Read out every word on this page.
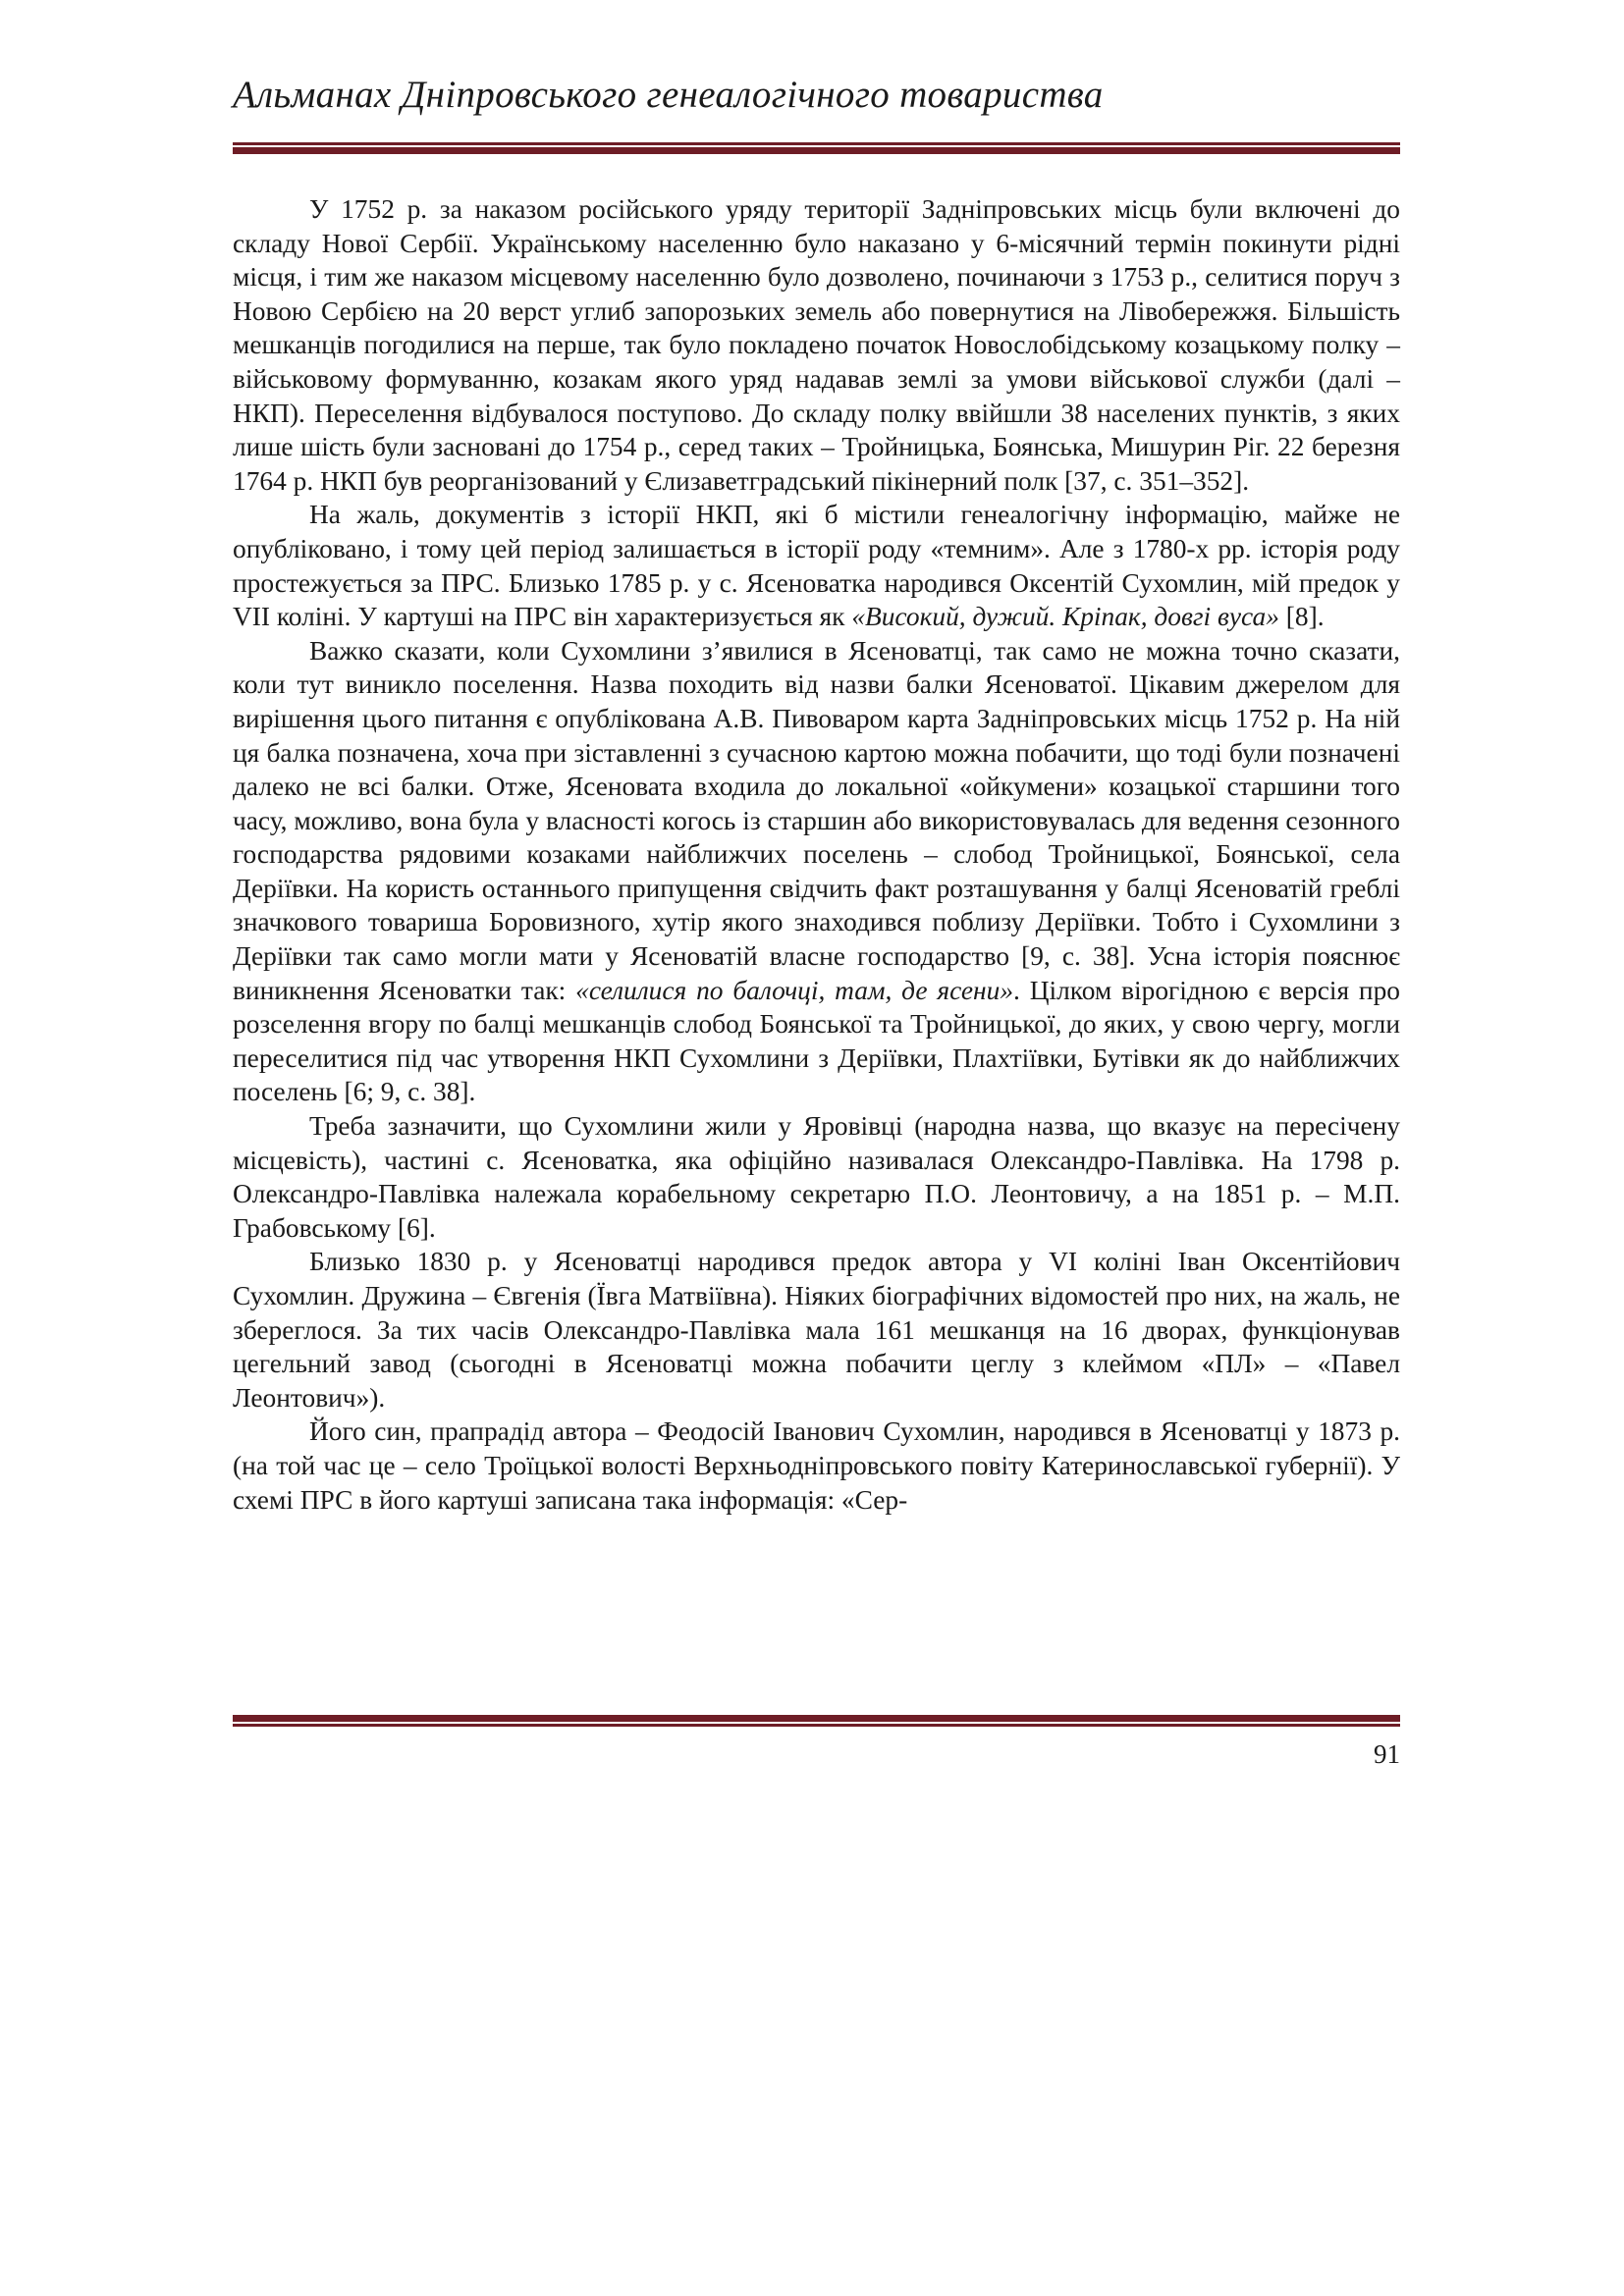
Альманах Дніпровського генеалогічного товариства

У 1752 р. за наказом російського уряду території Задніпровських місць були включені до складу Нової Сербії. Українському населенню було наказано у 6-місячний термін покинути рідні місця, і тим же наказом місцевому населенню було дозволено, починаючи з 1753 р., селитися поруч з Новою Сербією на 20 верст углиб запорозьких земель або повернутися на Лівобережжя. Більшість мешканців погодилися на перше, так було покладено початок Новослобідському козацькому полку – військовому формуванню, козакам якого уряд надавав землі за умови військової служби (далі – НКП). Переселення відбувалося поступово. До складу полку ввійшли 38 населених пунктів, з яких лише шість були засновані до 1754 р., серед таких – Тройницька, Боянська, Мишурин Ріг. 22 березня 1764 р. НКП був реорганізований у Єлизаветградський пікінерний полк [37, с. 351–352].

На жаль, документів з історії НКП, які б містили генеалогічну інформацію, майже не опубліковано, і тому цей період залишається в історії роду «темним». Але з 1780-х рр. історія роду простежується за ПРС. Близько 1785 р. у с. Ясеноватка народився Оксентій Сухомлин, мій предок у VII коліні. У картуші на ПРС він характеризується як «Високий, дужий. Кріпак, довгі вуса» [8].

Важко сказати, коли Сухомлини з’явилися в Ясеноватці, так само не можна точно сказати, коли тут виникло поселення. Назва походить від назви балки Ясеноватої. Цікавим джерелом для вирішення цього питання є опублікована А.В. Пивоваром карта Задніпровських місць 1752 р. На ній ця балка позначена, хоча при зіставленні з сучасною картою можна побачити, що тоді були позначені далеко не всі балки. Отже, Ясеновата входила до локальної «ойкумени» козацької старшини того часу, можливо, вона була у власності когось із старшин або використовувалась для ведення сезонного господарства рядовими козаками найближчих поселень – слобод Тройницької, Боянської, села Деріївки. На користь останнього припущення свідчить факт розташування у балці Ясеноватій греблі значкового товариша Боровизного, хутір якого знаходився поблизу Деріївки. Тобто і Сухомлини з Деріївки так само могли мати у Ясеноватій власне господарство [9, с. 38]. Усна історія пояснює виникнення Ясеноватки так: «селилися по балочці, там, де ясени». Цілком вірогідною є версія про розселення вгору по балці мешканців слобод Боянської та Тройницької, до яких, у свою чергу, могли переселитися під час утворення НКП Сухомлини з Деріївки, Плахтіївки, Бутівки як до найближчих поселень [6; 9, с. 38].

Треба зазначити, що Сухомлини жили у Яровівці (народна назва, що вказує на пересічену місцевість), частині с. Ясеноватка, яка офіційно називалася Олександро-Павлівка. На 1798 р. Олександро-Павлівка належала корабельному секретарю П.О. Леонтовичу, а на 1851 р. – М.П. Грабовському [6].

Близько 1830 р. у Ясеноватці народився предок автора у VI коліні Іван Оксентійович Сухомлин. Дружина – Євгенія (Ївга Матвіївна). Ніяких біографічних відомостей про них, на жаль, не збереглося. За тих часів Олександро-Павлівка мала 161 мешканця на 16 дворах, функціонував цегельний завод (сьогодні в Ясеноватці можна побачити цеглу з клеймом «ПЛ» – «Павел Леонтович»).

Його син, прапрадід автора – Феодосій Іванович Сухомлин, народився в Ясеноватці у 1873 р. (на той час це – село Троїцької волості Верхньодніпровського повіту Катеринославської губернії). У схемі ПРС в його картуші записана така інформація: «Сер-

91
